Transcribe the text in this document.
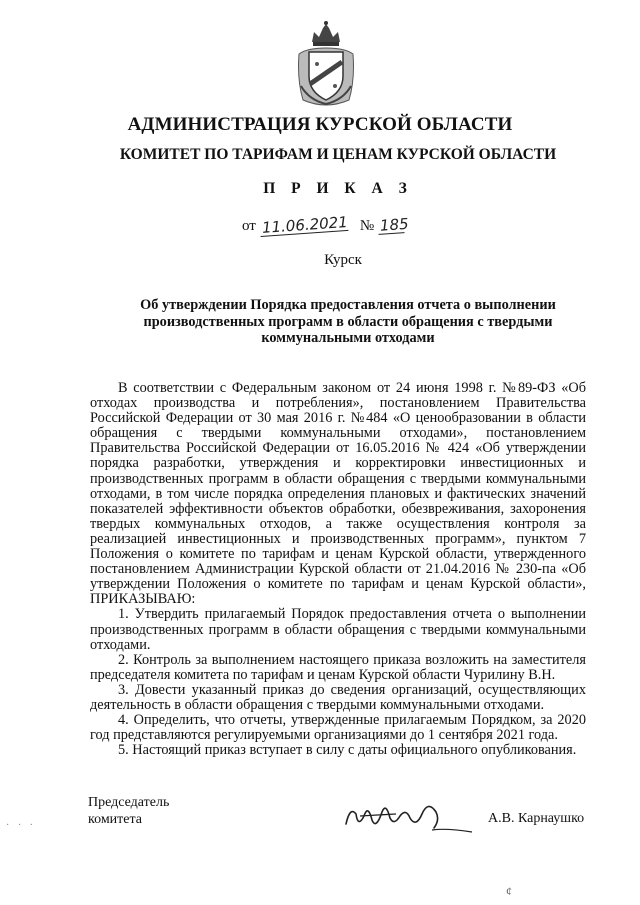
АДМИНИСТРАЦИЯ КУРСКОЙ ОБЛАСТИ
КОМИТЕТ ПО ТАРИФАМ И ЦЕНАМ КУРСКОЙ ОБЛАСТИ
П Р И К А З
от 11.06.2021 № 185
Курск
Об утверждении Порядка предоставления отчета о выполнении производственных программ в области обращения с твердыми коммунальными отходами

В соответствии с Федеральным законом от 24 июня 1998 г. №89-ФЗ «Об отходах производства и потребления», постановлением Правительства Российской Федерации от 30 мая 2016 г. №484 «О ценообразовании в области обращения с твердыми коммунальными отходами», постановлением Правительства Российской Федерации от 16.05.2016 № 424 «Об утверждении порядка разработки, утверждения и корректировки инвестиционных и производственных программ в области обращения с твердыми коммунальными отходами, в том числе порядка определения плановых и фактических значений показателей эффективности объектов обработки, обезвреживания, захоронения твердых коммунальных отходов, а также осуществления контроля за реализацией инвестиционных и производственных программ», пунктом 7 Положения о комитете по тарифам и ценам Курской области, утвержденного постановлением Администрации Курской области от 21.04.2016 № 230-па «Об утверждении Положения о комитете по тарифам и ценам Курской области», ПРИКАЗЫВАЮ:

1. Утвердить прилагаемый Порядок предоставления отчета о выполнении производственных программ в области обращения с твердыми коммунальными отходами.

2. Контроль за выполнением настоящего приказа возложить на заместителя председателя комитета по тарифам и ценам Курской области Чурилину В.Н.

3. Довести указанный приказ до сведения организаций, осуществляющих деятельность в области обращения с твердыми коммунальными отходами.

4. Определить, что отчеты, утвержденные прилагаемым Порядком, за 2020 год представляются регулируемыми организациями до 1 сентября 2021 года.

5. Настоящий приказ вступает в силу с даты официального опубликования.

Председатель
комитета	А.В. Карнаушко
· · ·
¢
